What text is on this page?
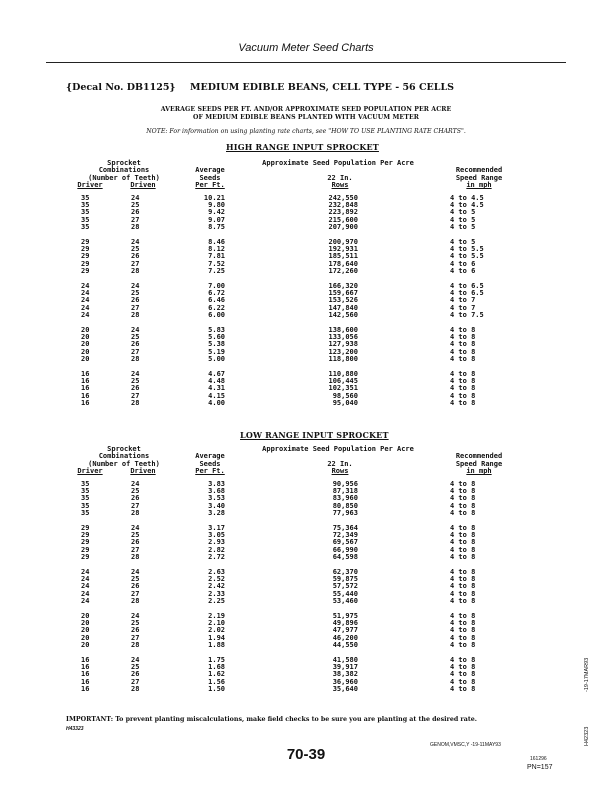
Vacuum Meter Seed Charts
{Decal No. DB1125} MEDIUM EDIBLE BEANS, CELL TYPE - 56 CELLS
AVERAGE SEEDS PER FT. AND/OR APPROXIMATE SEED POPULATION PER ACRE
OF MEDIUM EDIBLE BEANS PLANTED WITH VACUUM METER
NOTE: For information on using planting rate charts, see "HOW TO USE PLANTING RATE CHARTS".
HIGH RANGE INPUT SPROCKET
LOW RANGE INPUT SPROCKET
Sprocket
Combinations
(Number of Teeth)
Driver	Driven
Average
Seeds
Per Ft.
Approximate Seed Population Per Acre
22 In.
Rows
Recommended
Speed Range
in mph
35	24	10.21	242,550	4 to 4.5
35	25	9.80	232,848	4 to 4.5
35	26	9.42	223,892	4 to 5
35	27	9.07	215,600	4 to 5
35	28	8.75	207,900	4 to 5
29	24	8.46	200,970	4 to 5
29	25	8.12	192,931	4 to 5.5
29	26	7.81	185,511	4 to 5.5
29	27	7.52	178,640	4 to 6
29	28	7.25	172,260	4 to 6
24	24	7.00	166,320	4 to 6.5
24	25	6.72	159,667	4 to 6.5
24	26	6.46	153,526	4 to 7
24	27	6.22	147,840	4 to 7
24	28	6.00	142,560	4 to 7.5
20	24	5.83	138,600	4 to 8
20	25	5.60	133,056	4 to 8
20	26	5.38	127,938	4 to 8
20	27	5.19	123,200	4 to 8
20	28	5.00	118,800	4 to 8
16	24	4.67	110,880	4 to 8
16	25	4.48	106,445	4 to 8
16	26	4.31	102,351	4 to 8
16	27	4.15	98,560	4 to 8
16	28	4.00	95,040	4 to 8
Sprocket
Combinations
(Number of Teeth)
Driver	Driven
Average
Seeds
Per Ft.
Approximate Seed Population Per Acre
22 In.
Rows
Recommended
Speed Range
in mph
35	24	3.83	90,956	4 to 8
35	25	3.68	87,318	4 to 8
35	26	3.53	83,960	4 to 8
35	27	3.40	80,850	4 to 8
35	28	3.28	77,963	4 to 8
29	24	3.17	75,364	4 to 8
29	25	3.05	72,349	4 to 8
29	26	2.93	69,567	4 to 8
29	27	2.82	66,990	4 to 8
29	28	2.72	64,598	4 to 8
24	24	2.63	62,370	4 to 8
24	25	2.52	59,875	4 to 8
24	26	2.42	57,572	4 to 8
24	27	2.33	55,440	4 to 8
24	28	2.25	53,460	4 to 8
20	24	2.19	51,975	4 to 8
20	25	2.10	49,896	4 to 8
20	26	2.02	47,977	4 to 8
20	27	1.94	46,200	4 to 8
20	28	1.88	44,550	4 to 8
16	24	1.75	41,580	4 to 8
16	25	1.68	39,917	4 to 8
16	26	1.62	38,382	4 to 8
16	27	1.56	36,960	4 to 8
16	28	1.50	35,640	4 to 8
IMPORTANT: To prevent planting miscalculations, make field checks to be sure you are planting at the desired rate.
H43323
GENOM,VMSC,Y -19-11MAY93
70-39	161296
PN=157
-19-17MAR93
H42323
